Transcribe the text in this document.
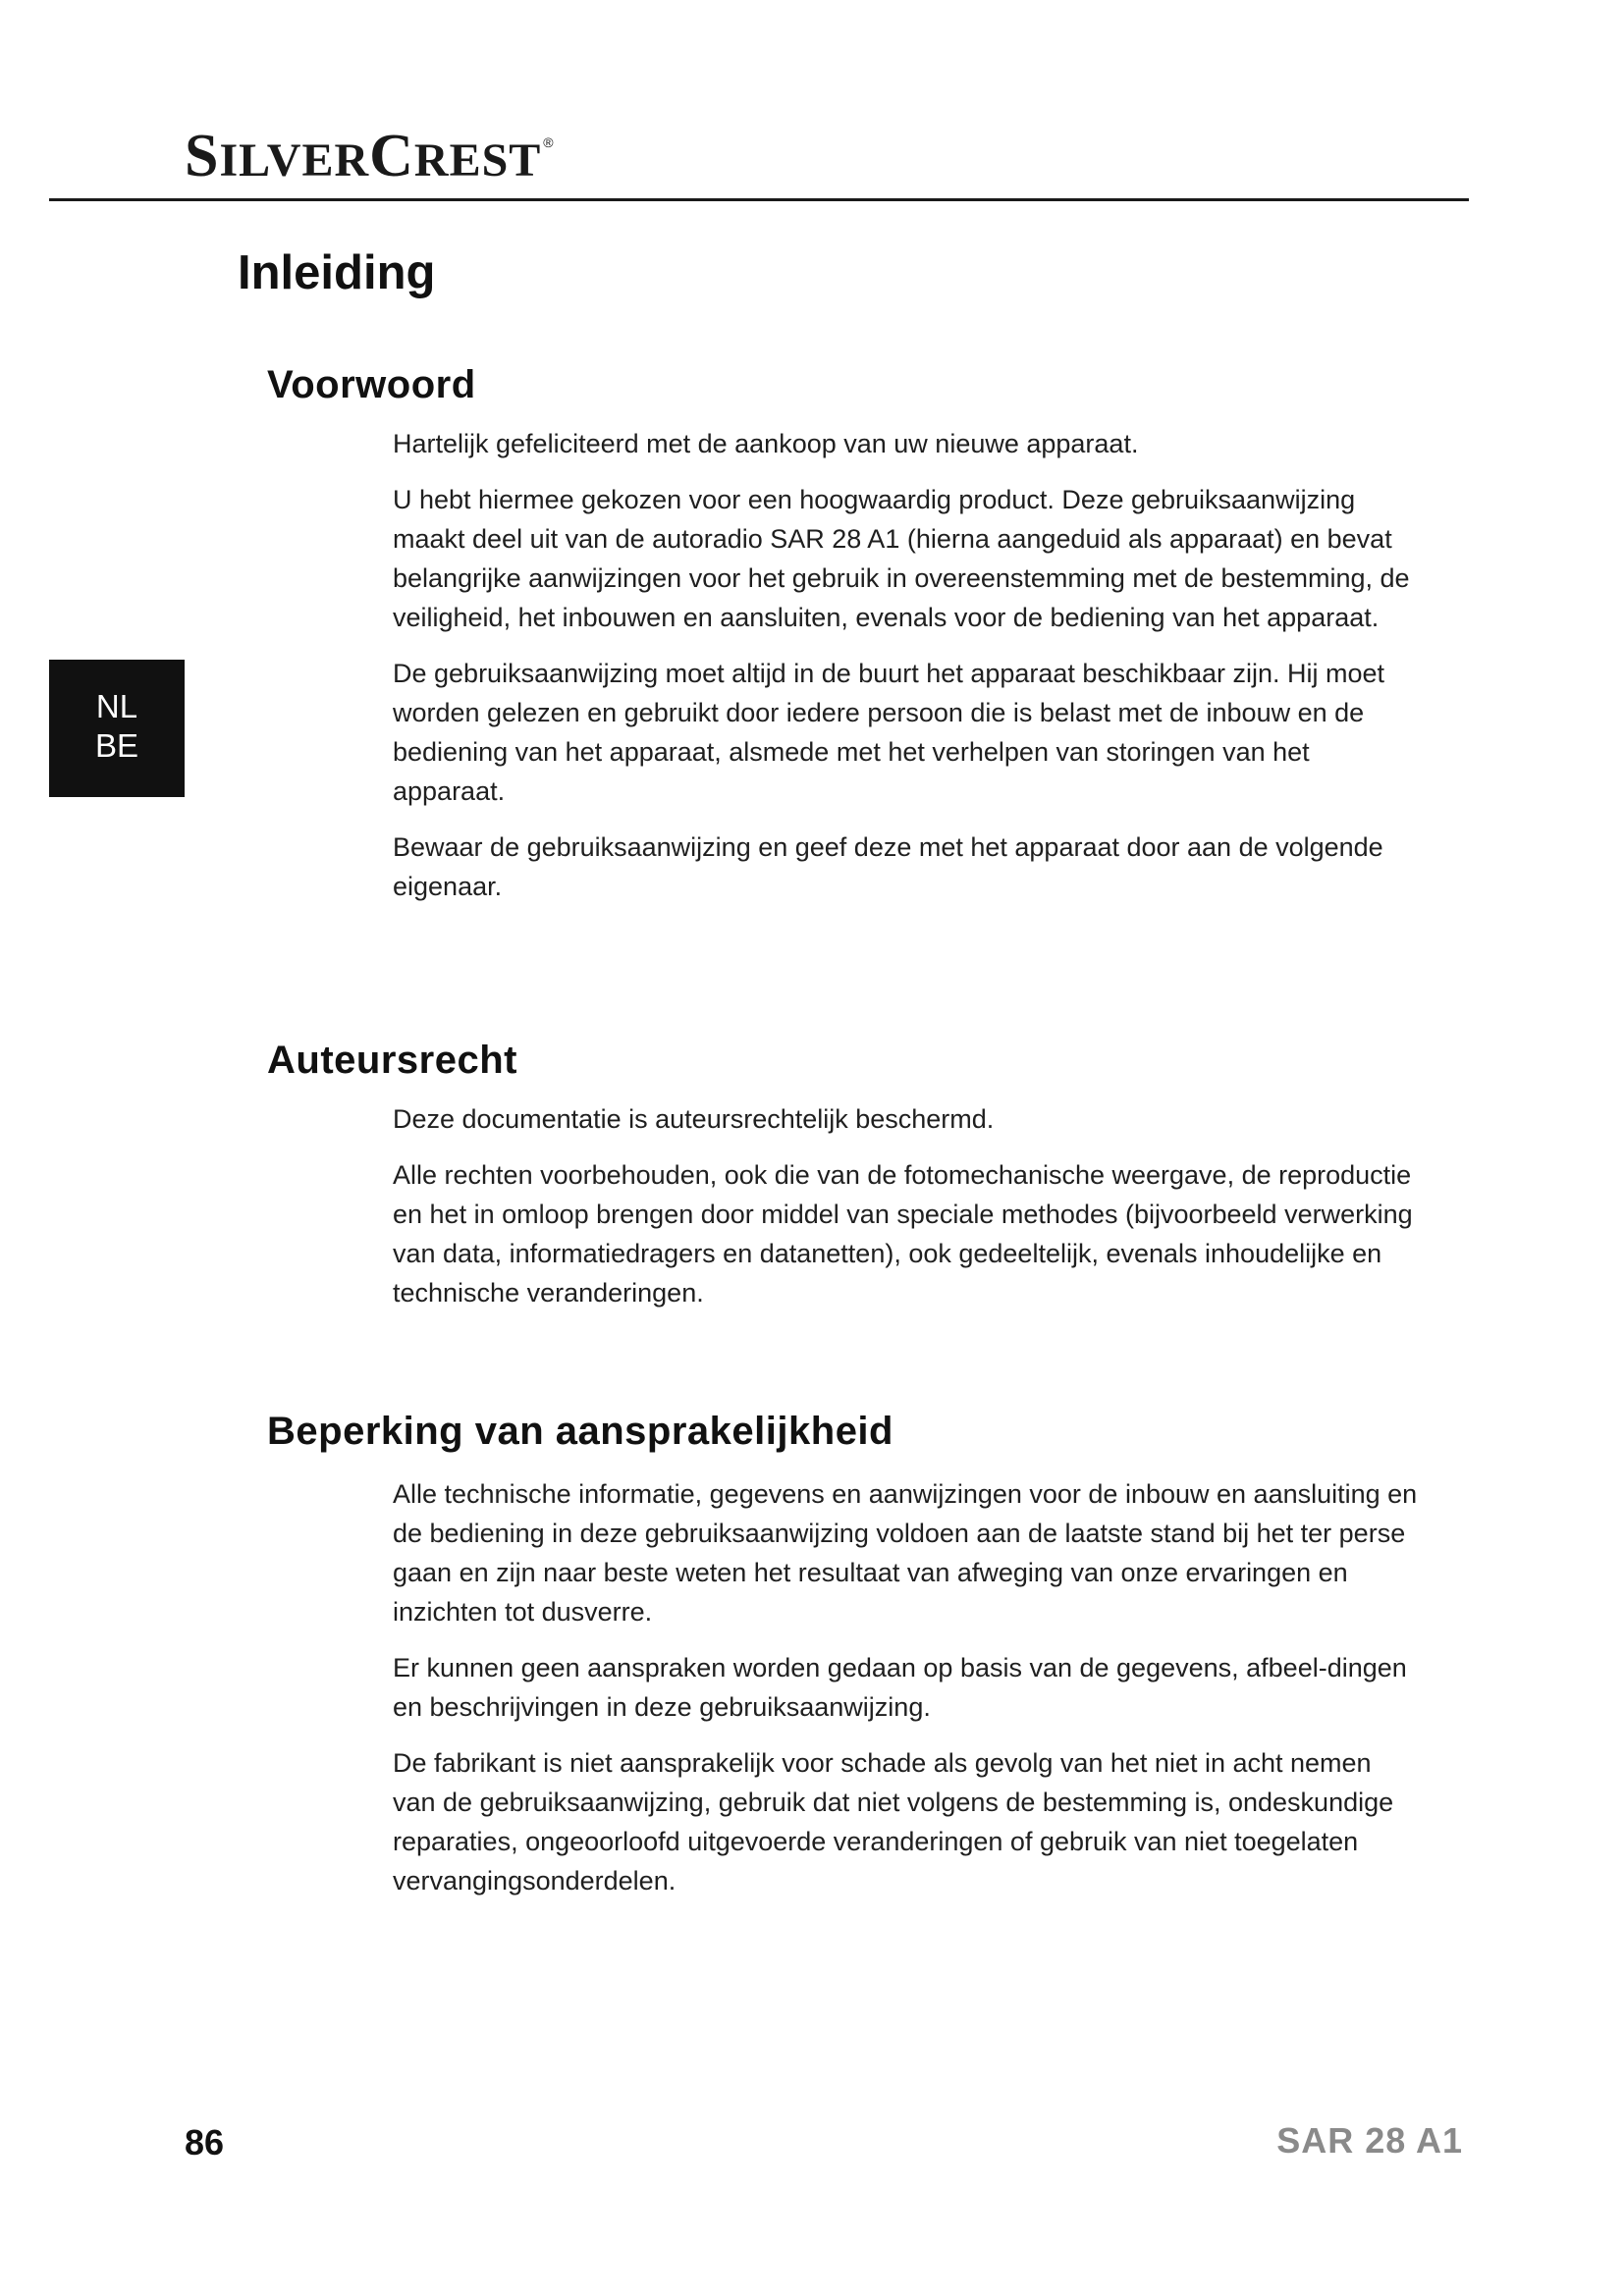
SILVERCREST ®
Inleiding
NL
BE
Voorwoord

Hartelijk gefeliciteerd met de aankoop van uw nieuwe apparaat.

U hebt hiermee gekozen voor een hoogwaardig product. Deze gebruiksaanwijzing maakt deel uit van de autoradio SAR 28 A1 (hierna aangeduid als apparaat) en bevat belangrijke aanwijzingen voor het gebruik in overeenstemming met de bestemming, de veiligheid, het inbouwen en aansluiten, evenals voor de bediening van het apparaat.

De gebruiksaanwijzing moet altijd in de buurt het apparaat beschikbaar zijn. Hij moet worden gelezen en gebruikt door iedere persoon die is belast met de inbouw en de bediening van het apparaat, alsmede met het verhelpen van storingen van het apparaat.

Bewaar de gebruiksaanwijzing en geef deze met het apparaat door aan de volgende eigenaar.

Auteursrecht

Deze documentatie is auteursrechtelijk beschermd.

Alle rechten voorbehouden, ook die van de fotomechanische weergave, de reproductie en het in omloop brengen door middel van speciale methodes (bijvoorbeeld verwerking van data, informatiedragers en datanetten), ook gedeeltelijk, evenals inhoudelijke en technische veranderingen.

Beperking van aansprakelijkheid

Alle technische informatie, gegevens en aanwijzingen voor de inbouw en aansluiting en de bediening in deze gebruiksaanwijzing voldoen aan de laatste stand bij het ter perse gaan en zijn naar beste weten het resultaat van afweging van onze ervaringen en inzichten tot dusverre.

Er kunnen geen aanspraken worden gedaan op basis van de gegevens, afbeel-dingen en beschrijvingen in deze gebruiksaanwijzing.

De fabrikant is niet aansprakelijk voor schade als gevolg van het niet in acht nemen van de gebruiksaanwijzing, gebruik dat niet volgens de bestemming is, ondeskundige reparaties, ongeoorloofd uitgevoerde veranderingen of gebruik van niet toegelaten vervangingsonderdelen.

86	SAR 28 A1
